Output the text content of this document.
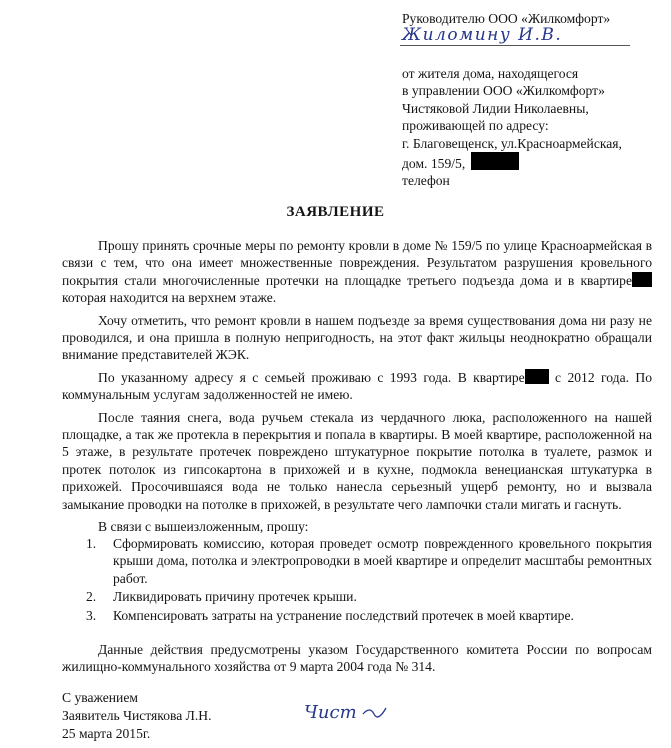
Руководителю ООО «Жилкомфорт»
Жиломину И.В.
от жителя дома, находящегося
в управлении ООО «Жилкомфорт»
Чистяковой Лидии Николаевны,
проживающей по адресу:
г. Благовещенск, ул.Красноармейская,
дом. 159/5,
телефон
ЗАЯВЛЕНИЕ

Прошу принять срочные меры по ремонту кровли в доме № 159/5 по улице Красноармейская в связи с тем, что она имеет множественные повреждения. Результатом разрушения кровельного покрытия стали многочисленные протечки на площадке третьего подъезда дома и в квартире которая находится на верхнем этаже.

Хочу отметить, что ремонт кровли в нашем подъезде за время существования дома ни разу не проводился, и она пришла в полную непригодность, на этот факт жильцы неоднократно обращали внимание представителей ЖЭК.

По указанному адресу я с семьей проживаю с 1993 года. В квартире с 2012 года. По коммунальным услугам задолженностей не имею.

После таяния снега, вода ручьем стекала из чердачного люка, расположенного на нашей площадке, а так же протекла в перекрытия и попала в квартиры. В моей квартире, расположенной на 5 этаже, в результате протечек повреждено штукатурное покрытие потолка в туалете, размок и протек потолок из гипсокартона в прихожей и в кухне, подмокла венецианская штукатурка в прихожей. Просочившаяся вода не только нанесла серьезный ущерб ремонту, но и вызвала замыкание проводки на потолке в прихожей, в результате чего лампочки стали мигать и гаснуть.

В связи с вышеизложенным, прошу:

1. Сформировать комиссию, которая проведет осмотр поврежденного кровельного покрытия крыши дома, потолка и электропроводки в моей квартире и определит масштабы ремонтных работ.
2. Ликвидировать причину протечек крыши.
3. Компенсировать затраты на устранение последствий протечек в моей квартире.

Данные действия предусмотрены указом Государственного комитета России по вопросам жилищно-коммунального хозяйства от 9 марта 2004 года № 314.

С уважением
Заявитель Чистякова Л.Н.
25 марта 2015г.
Чист
